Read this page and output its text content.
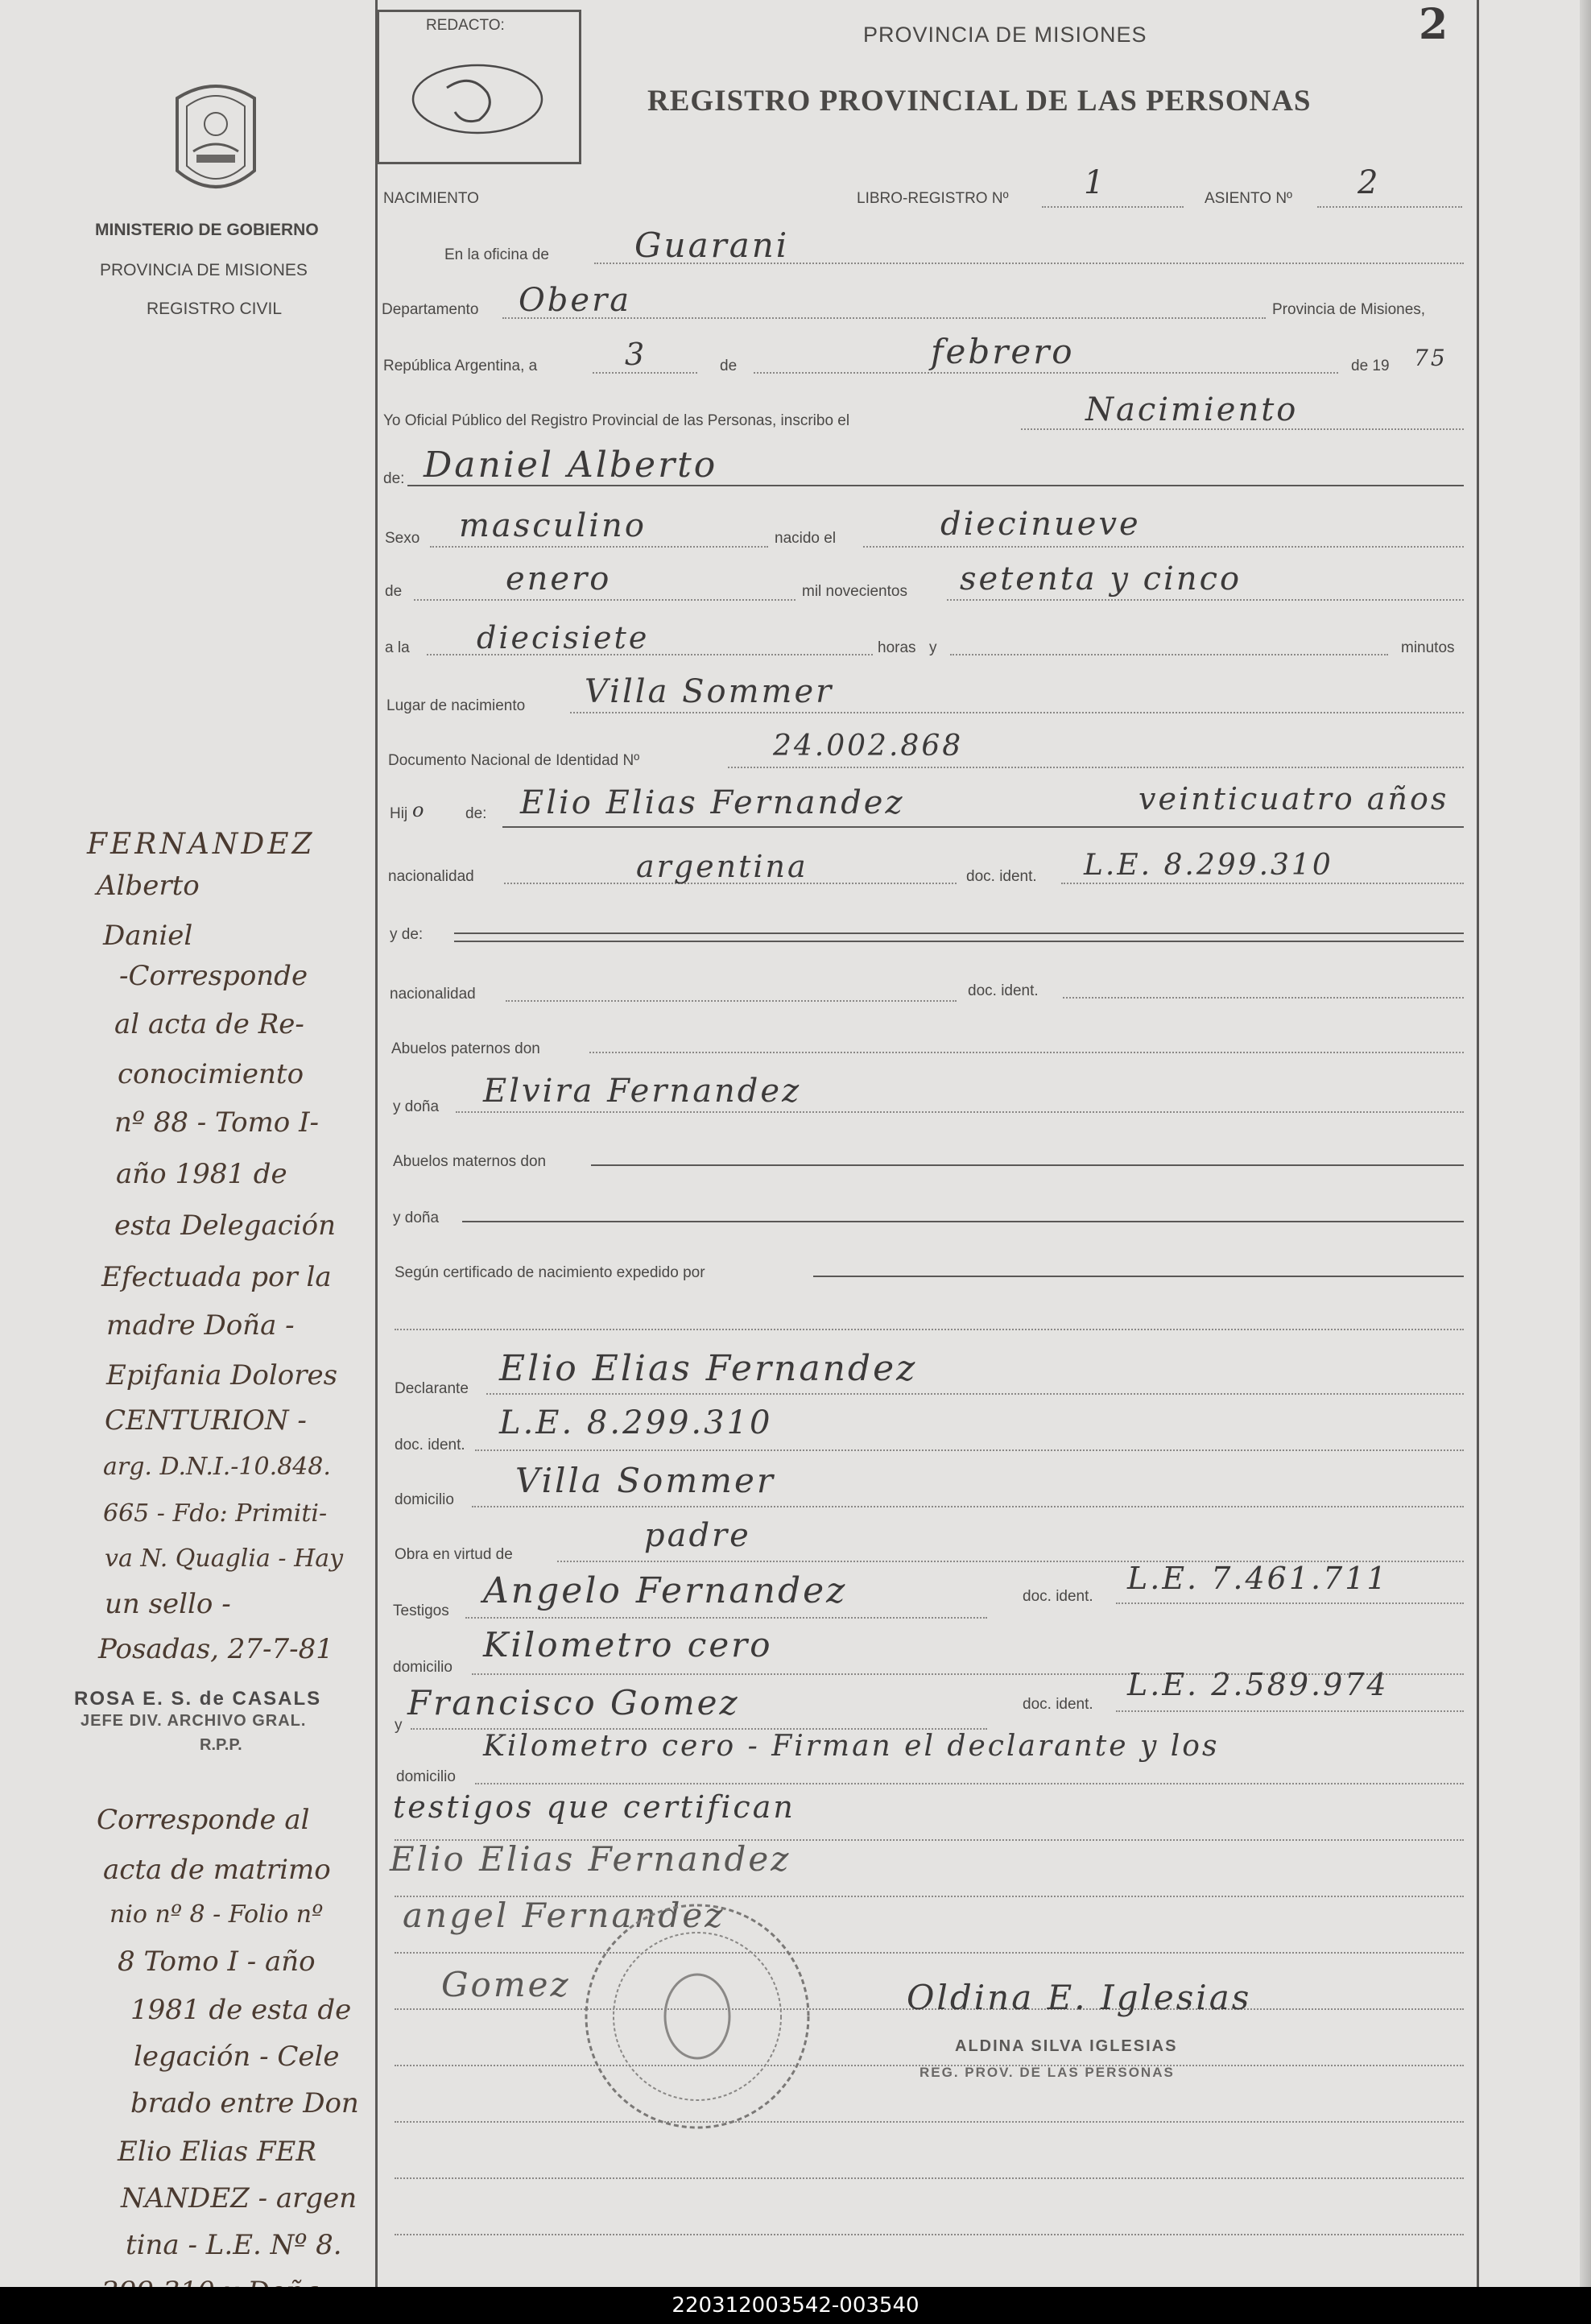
MINISTERIO DE GOBIERNO
PROVINCIA DE MISIONES
REGISTRO CIVIL
REDACTO:	2
PROVINCIA DE MISIONES
REGISTRO PROVINCIAL DE LAS PERSONAS
NACIMIENTO	LIBRO-REGISTRO Nº 1	ASIENTO Nº 2
En la oficina de	Guarani
Departamento Obera	Provincia de Misiones,
República Argentina, a	3	de	febrero	de 19 75
Yo Oficial Público del Registro Provincial de las Personas, inscribo el	Nacimiento
de: Daniel Alberto
Sexo masculino	nacido el	diecinueve
de	enero	mil novecientos setenta y cinco
a la diecisiete	horas y	minutos
Lugar de nacimiento Villa Sommer
Documento Nacional de Identidad Nº	24.002.868
Hij o	de: Elio Elias Fernandez	veinticuatro años
nacionalidad	argentina	doc. ident. L.E. 8.299.310
y de:
nacionalidad	doc. ident.
Abuelos paternos don
y doña Elvira Fernandez
Abuelos maternos don
y doña
Según certificado de nacimiento expedido por
Declarante Elio Elias Fernandez
doc. ident.
L.E. 8.299.310
domicilio Villa Sommer
Obra en virtud de
padre
Testigos Angelo Fernandez	doc. ident.
L.E. 7.461.711
domicilio
Kilometro cero
y
Francisco Gomez	doc. ident.
L.E. 2.589.974
domicilio
Kilometro cero - Firman el declarante y los
testigos que certifican
Elio Elias Fernandez
angel Fernandez
Gomez	Oldina E. Iglesias
ALDINA SILVA IGLESIAS
REG. PROV. DE LAS PERSONAS
FERNANDEZ
Alberto
Daniel
-Corresponde
al acta de Re-
conocimiento
nº 88 - Tomo I-
año 1981 de
esta Delegación
Efectuada por la
madre Doña -
Epifania Dolores
CENTURION -
arg. D.N.I.-10.848.
665 - Fdo: Primiti-
va N. Quaglia - Hay
un sello -
Posadas, 27-7-81
ROSA E. S. de CASALS
JEFE DIV. ARCHIVO GRAL.
R.P.P.
Corresponde al
acta de matrimo
nio nº 8 - Folio nº
8 Tomo I - año
1981 de esta de
legación - Cele
brado entre Don
Elio Elias FER
NANDEZ - argen
tina - L.E. Nº 8.
220312003542-003540
